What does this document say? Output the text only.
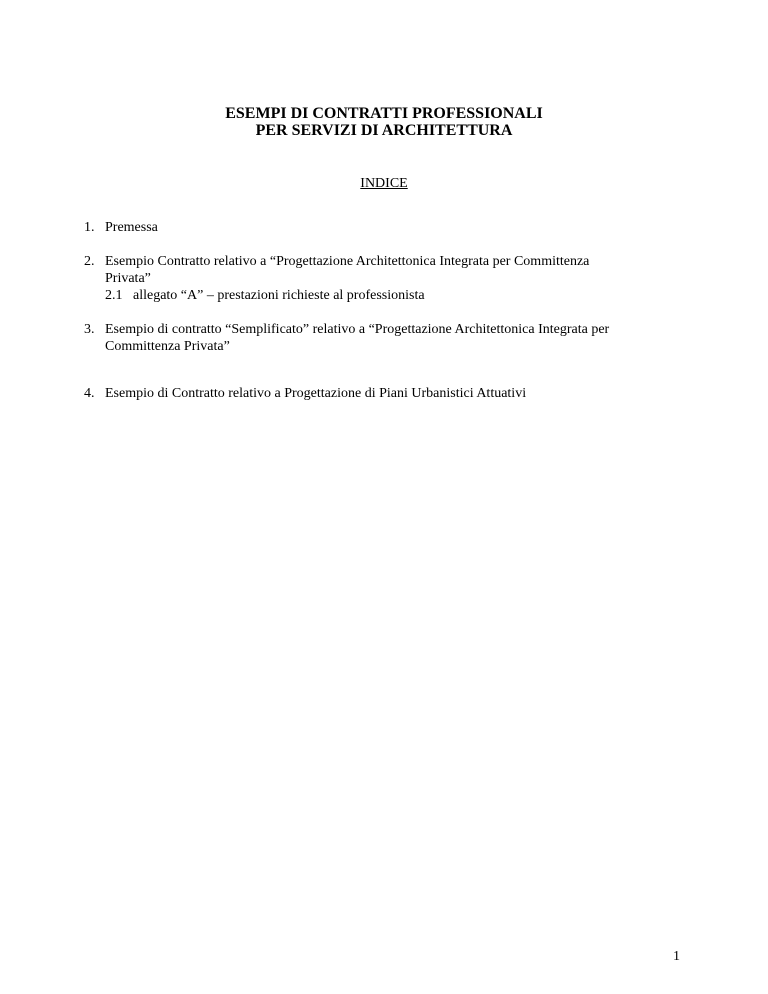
ESEMPI DI CONTRATTI PROFESSIONALI
PER SERVIZI DI ARCHITETTURA
INDICE
1. Premessa
2. Esempio Contratto relativo a “Progettazione Architettonica Integrata per Committenza
Privata”
2.1 allegato “A” – prestazioni richieste al professionista
3. Esempio di contratto “Semplificato” relativo a “Progettazione Architettonica Integrata per
Committenza Privata”
4. Esempio di Contratto relativo a Progettazione di Piani Urbanistici Attuativi
1
